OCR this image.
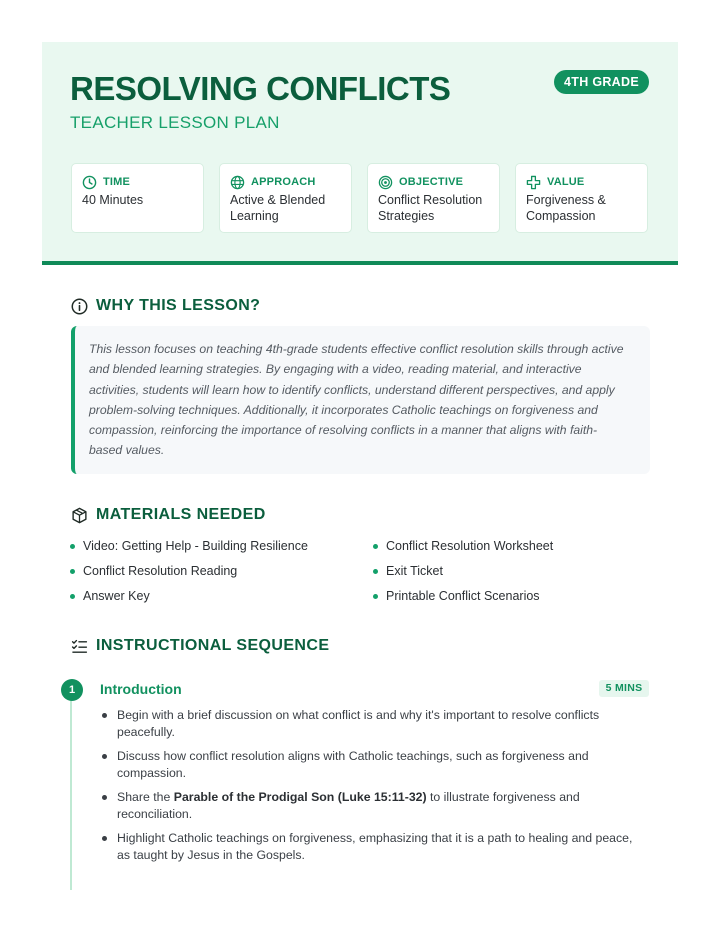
RESOLVING CONFLICTS
TEACHER LESSON PLAN
4TH GRADE
TIME
40 Minutes
APPROACH
Active & Blended Learning
OBJECTIVE
Conflict Resolution Strategies
VALUE
Forgiveness & Compassion
WHY THIS LESSON?

This lesson focuses on teaching 4th-grade students effective conflict resolution skills through active and blended learning strategies. By engaging with a video, reading material, and interactive activities, students will learn how to identify conflicts, understand different perspectives, and apply problem-solving techniques. Additionally, it incorporates Catholic teachings on forgiveness and compassion, reinforcing the importance of resolving conflicts in a manner that aligns with faith-based values.

MATERIALS NEEDED
Video: Getting Help - Building Resilience
Conflict Resolution Reading
Answer Key
Conflict Resolution Worksheet
Exit Ticket
Printable Conflict Scenarios
INSTRUCTIONAL SEQUENCE
1	Introduction	5 MINS
Begin with a brief discussion on what conflict is and why it's important to resolve conflicts peacefully.
Discuss how conflict resolution aligns with Catholic teachings, such as forgiveness and compassion.
Share the Parable of the Prodigal Son (Luke 15:11-32) to illustrate forgiveness and reconciliation.
Highlight Catholic teachings on forgiveness, emphasizing that it is a path to healing and peace, as taught by Jesus in the Gospels.
